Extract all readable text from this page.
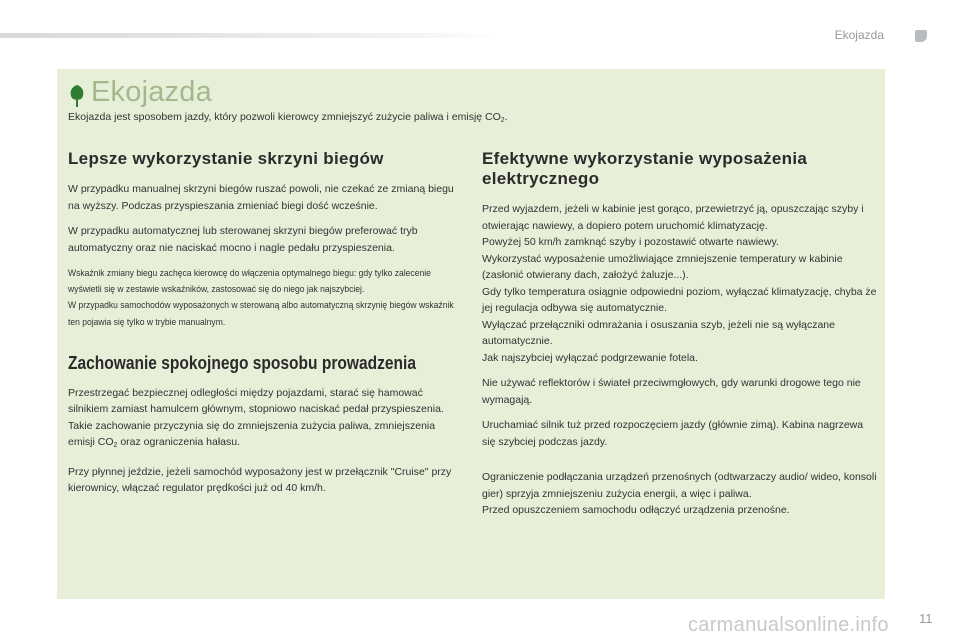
Ekojazda
Ekojazda
Ekojazda jest sposobem jazdy, który pozwoli kierowcy zmniejszyć zużycie paliwa i emisję $CO_2$.
Lepsze wykorzystanie skrzyni biegów

W przypadku manualnej skrzyni biegów ruszać powoli, nie czekać ze zmianą biegu na wyższy. Podczas przyspieszania zmieniać biegi dość wcześnie.

W przypadku automatycznej lub sterowanej skrzyni biegów preferować tryb automatyczny oraz nie naciskać mocno i nagle pedału przyspieszenia.

Wskaźnik zmiany biegu zachęca kierowcę do włączenia optymalnego biegu: gdy tylko zalecenie wyświetli się w zestawie wskaźników, zastosować się do niego jak najszybciej.

W przypadku samochodów wyposażonych w sterowaną albo automatyczną skrzynię biegów wskaźnik ten pojawia się tylko w trybie manualnym.

Zachowanie spokojnego sposobu prowadzenia

Przestrzegać bezpiecznej odległości między pojazdami, starać się hamować silnikiem zamiast hamulcem głównym, stopniowo naciskać pedał przyspieszenia. Takie zachowanie przyczynia się do zmniejszenia zużycia paliwa, zmniejszenia emisji $CO_2$ oraz ograniczenia hałasu.

Przy płynnej jeździe, jeżeli samochód wyposażony jest w przełącznik "Cruise" przy kierownicy, włączać regulator prędkości już od 40 km/h.

Efektywne wykorzystanie wyposażenia elektrycznego

Przed wyjazdem, jeżeli w kabinie jest gorąco, przewietrzyć ją, opuszczając szyby i otwierając nawiewy, a dopiero potem uruchomić klimatyzację.

Powyżej 50 km/h zamknąć szyby i pozostawić otwarte nawiewy.

Wykorzystać wyposażenie umożliwiające zmniejszenie temperatury w kabinie (zasłonić otwierany dach, założyć żaluzje...).

Gdy tylko temperatura osiągnie odpowiedni poziom, wyłączać klimatyzację, chyba że jej regulacja odbywa się automatycznie.

Wyłączać przełączniki odmrażania i osuszania szyb, jeżeli nie są wyłączane automatycznie.

Jak najszybciej wyłączać podgrzewanie fotela.

Nie używać reflektorów i świateł przeciwmgłowych, gdy warunki drogowe tego nie wymagają.

Uruchamiać silnik tuż przed rozpoczęciem jazdy (głównie zimą). Kabina nagrzewa się szybciej podczas jazdy.

Ograniczenie podłączania urządzeń przenośnych (odtwarzaczy audio/ wideo, konsoli gier) sprzyja zmniejszeniu zużycia energii, a więc i paliwa.

Przed opuszczeniem samochodu odłączyć urządzenia przenośne.

carmanualsonline.info 11
